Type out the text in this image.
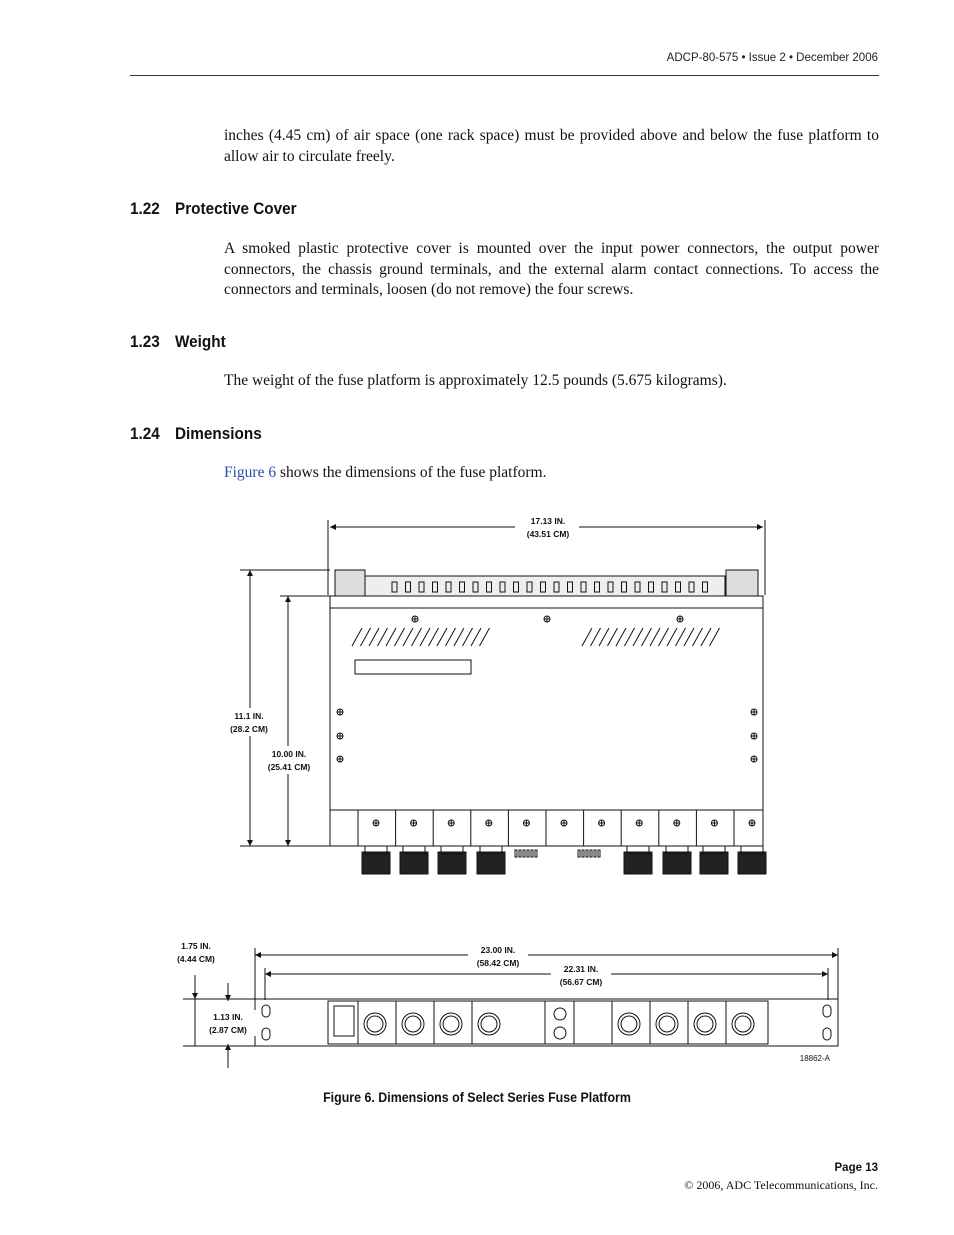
ADCP-80-575 • Issue 2 • December 2006
inches (4.45 cm) of air space (one rack space) must be provided above and below the fuse platform to allow air to circulate freely.
1.22 Protective Cover
A smoked plastic protective cover is mounted over the input power connectors, the output power connectors, the chassis ground terminals, and the external alarm contact connections. To access the connectors and terminals, loosen (do not remove) the four screws.
1.23 Weight
The weight of the fuse platform is approximately 12.5 pounds (5.675 kilograms).
1.24 Dimensions
Figure 6 shows the dimensions of the fuse platform.
17.13 IN.
(43.51 CM)
11.1 IN.
(28.2 CM)
10.00 IN.
(25.41 CM)
23.00 IN.
(58.42 CM)
22.31 IN.
(56.67 CM)
1.75 IN.
(4.44 CM)
1.13 IN.
(2.87 CM)
18862-A
Figure 6. Dimensions of Select Series Fuse Platform
Page 13
© 2006, ADC Telecommunications, Inc.
